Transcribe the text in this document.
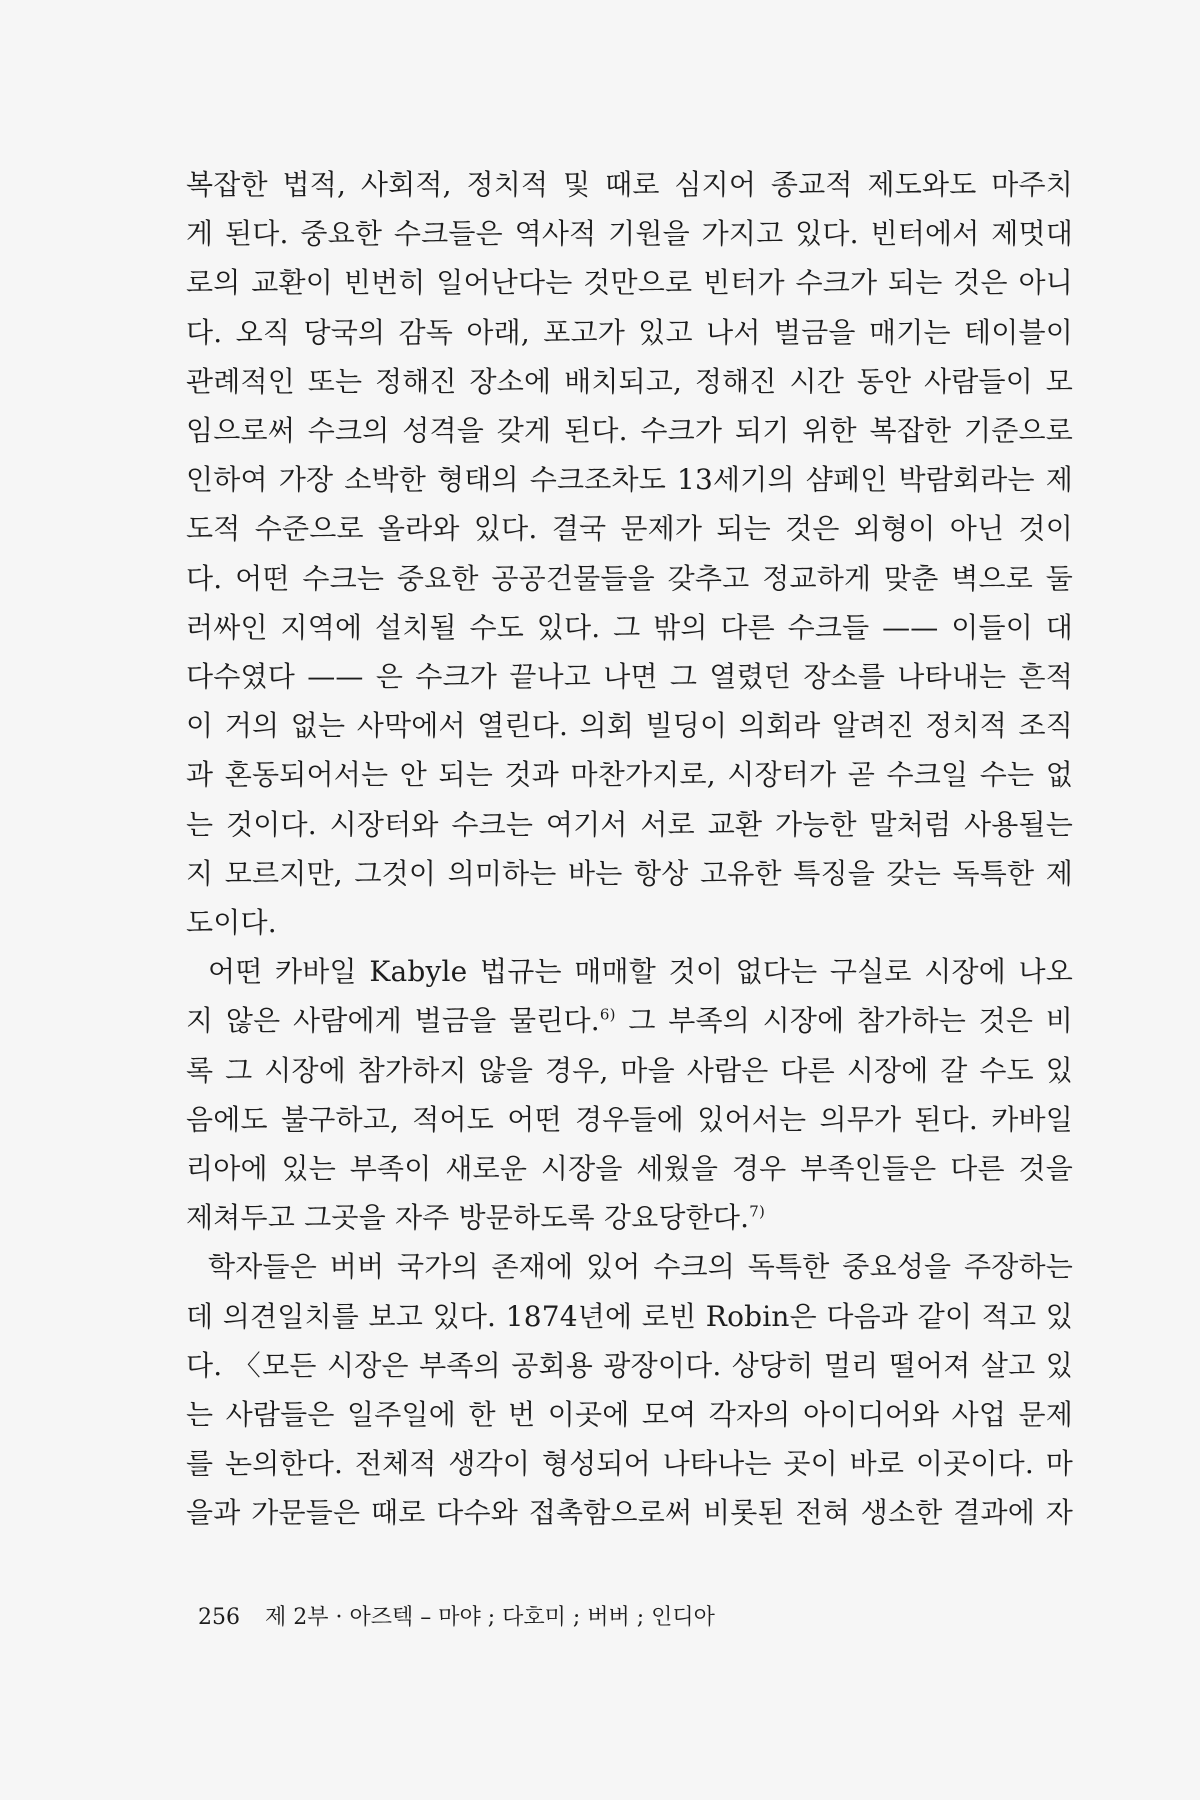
복잡한 법적, 사회적, 정치적 및 때로 심지어 종교적 제도와도 마주치
게 된다. 중요한 수크들은 역사적 기원을 가지고 있다. 빈터에서 제멋대
로의 교환이 빈번히 일어난다는 것만으로 빈터가 수크가 되는 것은 아니
다. 오직 당국의 감독 아래, 포고가 있고 나서 벌금을 매기는 테이블이
관례적인 또는 정해진 장소에 배치되고, 정해진 시간 동안 사람들이 모
임으로써 수크의 성격을 갖게 된다. 수크가 되기 위한 복잡한 기준으로
인하여 가장 소박한 형태의 수크조차도 13세기의 샴페인 박람회라는 제
도적 수준으로 올라와 있다. 결국 문제가 되는 것은 외형이 아닌 것이
다. 어떤 수크는 중요한 공공건물들을 갖추고 정교하게 맞춘 벽으로 둘
러싸인 지역에 설치될 수도 있다. 그 밖의 다른 수크들 —— 이들이 대
다수였다 —— 은 수크가 끝나고 나면 그 열렸던 장소를 나타내는 흔적
이 거의 없는 사막에서 열린다. 의회 빌딩이 의회라 알려진 정치적 조직
과 혼동되어서는 안 되는 것과 마찬가지로, 시장터가 곧 수크일 수는 없
는 것이다. 시장터와 수크는 여기서 서로 교환 가능한 말처럼 사용될는
지 모르지만, 그것이 의미하는 바는 항상 고유한 특징을 갖는 독특한 제
도이다.
어떤 카바일 Kabyle 법규는 매매할 것이 없다는 구실로 시장에 나오
지 않은 사람에게 벌금을 물린다.$^{6)}$ 그 부족의 시장에 참가하는 것은 비
록 그 시장에 참가하지 않을 경우, 마을 사람은 다른 시장에 갈 수도 있
음에도 불구하고, 적어도 어떤 경우들에 있어서는 의무가 된다. 카바일
리아에 있는 부족이 새로운 시장을 세웠을 경우 부족인들은 다른 것을
제쳐두고 그곳을 자주 방문하도록 강요당한다.$^{7)}$
학자들은 버버 국가의 존재에 있어 수크의 독특한 중요성을 주장하는
데 의견일치를 보고 있다. 1874년에 로빈 Robin은 다음과 같이 적고 있
다. 〈모든 시장은 부족의 공회용 광장이다. 상당히 멀리 떨어져 살고 있
는 사람들은 일주일에 한 번 이곳에 모여 각자의 아이디어와 사업 문제
를 논의한다. 전체적 생각이 형성되어 나타나는 곳이 바로 이곳이다. 마
을과 가문들은 때로 다수와 접촉함으로써 비롯된 전혀 생소한 결과에 자
256 제 2부 · 아즈텍 – 마야 ; 다호미 ; 버버 ; 인디아
